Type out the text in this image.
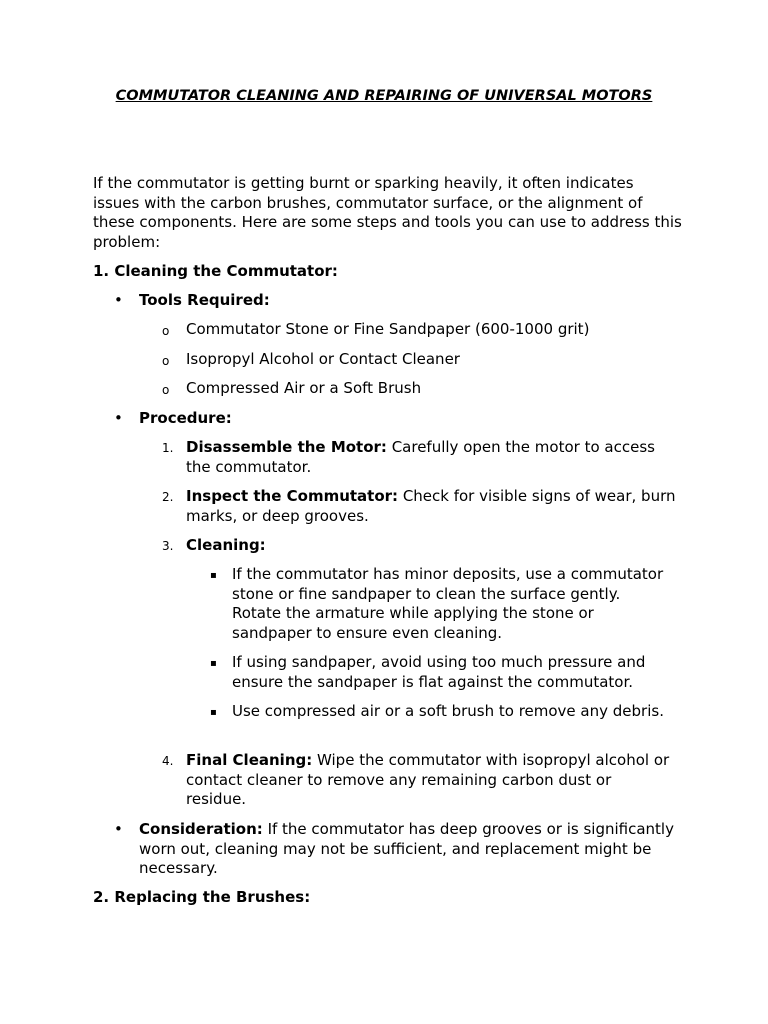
COMMUTATOR CLEANING AND REPAIRING OF UNIVERSAL MOTORS
If the commutator is getting burnt or sparking heavily, it often indicates issues with the carbon brushes, commutator surface, or the alignment of these components. Here are some steps and tools you can use to address this problem:
1. Cleaning the Commutator:
• Tools Required:
o Commutator Stone or Fine Sandpaper (600-1000 grit)
o Isopropyl Alcohol or Contact Cleaner
o Compressed Air or a Soft Brush
• Procedure:
1. Disassemble the Motor: Carefully open the motor to access the commutator.
2. Inspect the Commutator: Check for visible signs of wear, burn marks, or deep grooves.
3. Cleaning:
▪ If the commutator has minor deposits, use a commutator stone or fine sandpaper to clean the surface gently. Rotate the armature while applying the stone or sandpaper to ensure even cleaning.
▪ If using sandpaper, avoid using too much pressure and ensure the sandpaper is flat against the commutator.
▪ Use compressed air or a soft brush to remove any debris.
4. Final Cleaning: Wipe the commutator with isopropyl alcohol or contact cleaner to remove any remaining carbon dust or residue.
• Consideration: If the commutator has deep grooves or is significantly worn out, cleaning may not be sufficient, and replacement might be necessary.
2. Replacing the Brushes:
